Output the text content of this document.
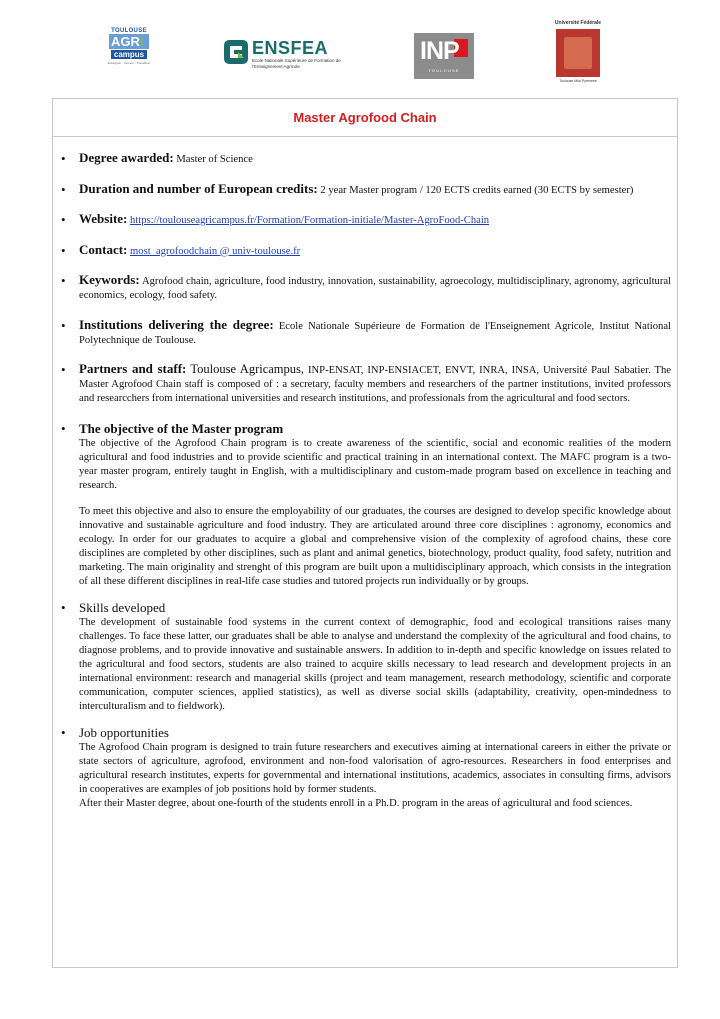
TOULOUSE
AGRI
campus
Enseigner · Innover · Transférer
ENSFEA
Ecole Nationale Supérieure de Formation de l'Enseignement Agricole
INP
TOULOUSE
Université Fédérale
Toulouse Midi-Pyrénées
Master Agrofood Chain
• Degree awarded: Master of Science
• Duration and number of European credits: 2 year Master program / 120 ECTS credits earned (30 ECTS by semester)
• Website: https://toulouseagricampus.fr/Formation/Formation-initiale/Master-AgroFood-Chain
• Contact: most_agrofoodchain @ univ-toulouse.fr
• Keywords: Agrofood chain, agriculture, food industry, innovation, sustainability, agroecology, multidisciplinary, agronomy, agricultural economics, ecology, food safety.
• Institutions delivering the degree: Ecole Nationale Supérieure de Formation de l'Enseignement Agricole, Institut National Polytechnique de Toulouse.
• Partners and staff: Toulouse Agricampus, INP-ENSAT, INP-ENSIACET, ENVT, INRA, INSA, Université Paul Sabatier. The Master Agrofood Chain staff is composed of : a secretary, faculty members and researchers of the partner institutions, invited professors and researcchers from international universities and research institutions, and professionals from the agricultural and food sectors.
• The objective of the Master program

The objective of the Agrofood Chain program is to create awareness of the scientific, social and economic realities of the modern agricultural and food industries and to provide scientific and practical training in an international context. The MAFC program is a two-year master program, entirely taught in English, with a multidisciplinary and custom-made program based on excellence in teaching and research.

To meet this objective and also to ensure the employability of our graduates, the courses are designed to develop specific knowledge about innovative and sustainable agriculture and food industry. They are articulated around three core disciplines : agronomy, economics and ecology. In order for our graduates to acquire a global and comprehensive vision of the complexity of agrofood chains, these core disciplines are completed by other disciplines, such as plant and animal genetics, biotechnology, product quality, food safety, nutrition and marketing. The main originality and strenght of this program are built upon a multidisciplinary approach, which consists in the integration of all these different disciplines in real-life case studies and tutored projects run individually or by groups.

• Skills developed

The development of sustainable food systems in the current context of demographic, food and ecological transitions raises many challenges. To face these latter, our graduates shall be able to analyse and understand the complexity of the agricultural and food chains, to diagnose problems, and to provide innovative and sustainable answers. In addition to in-depth and specific knowledge on issues related to the agricultural and food sectors, students are also trained to acquire skills necessary to lead research and development projects in an international environment: research and managerial skills (project and team management, research methodology, scientific and corporate communication, computer sciences, applied statistics), as well as diverse social skills (adaptability, creativity, open-mindedness to interculturalism and to fieldwork).

• Job opportunities

The Agrofood Chain program is designed to train future researchers and executives aiming at international careers in either the private or state sectors of agriculture, agrofood, environment and non-food valorisation of agro-resources. Researchers in food enterprises and agricultural research institutes, experts for governmental and international institutions, academics, associates in consulting firms, advisors in cooperatives are examples of job positions hold by former students.

After their Master degree, about one-fourth of the students enroll in a Ph.D. program in the areas of agricultural and food sciences.
